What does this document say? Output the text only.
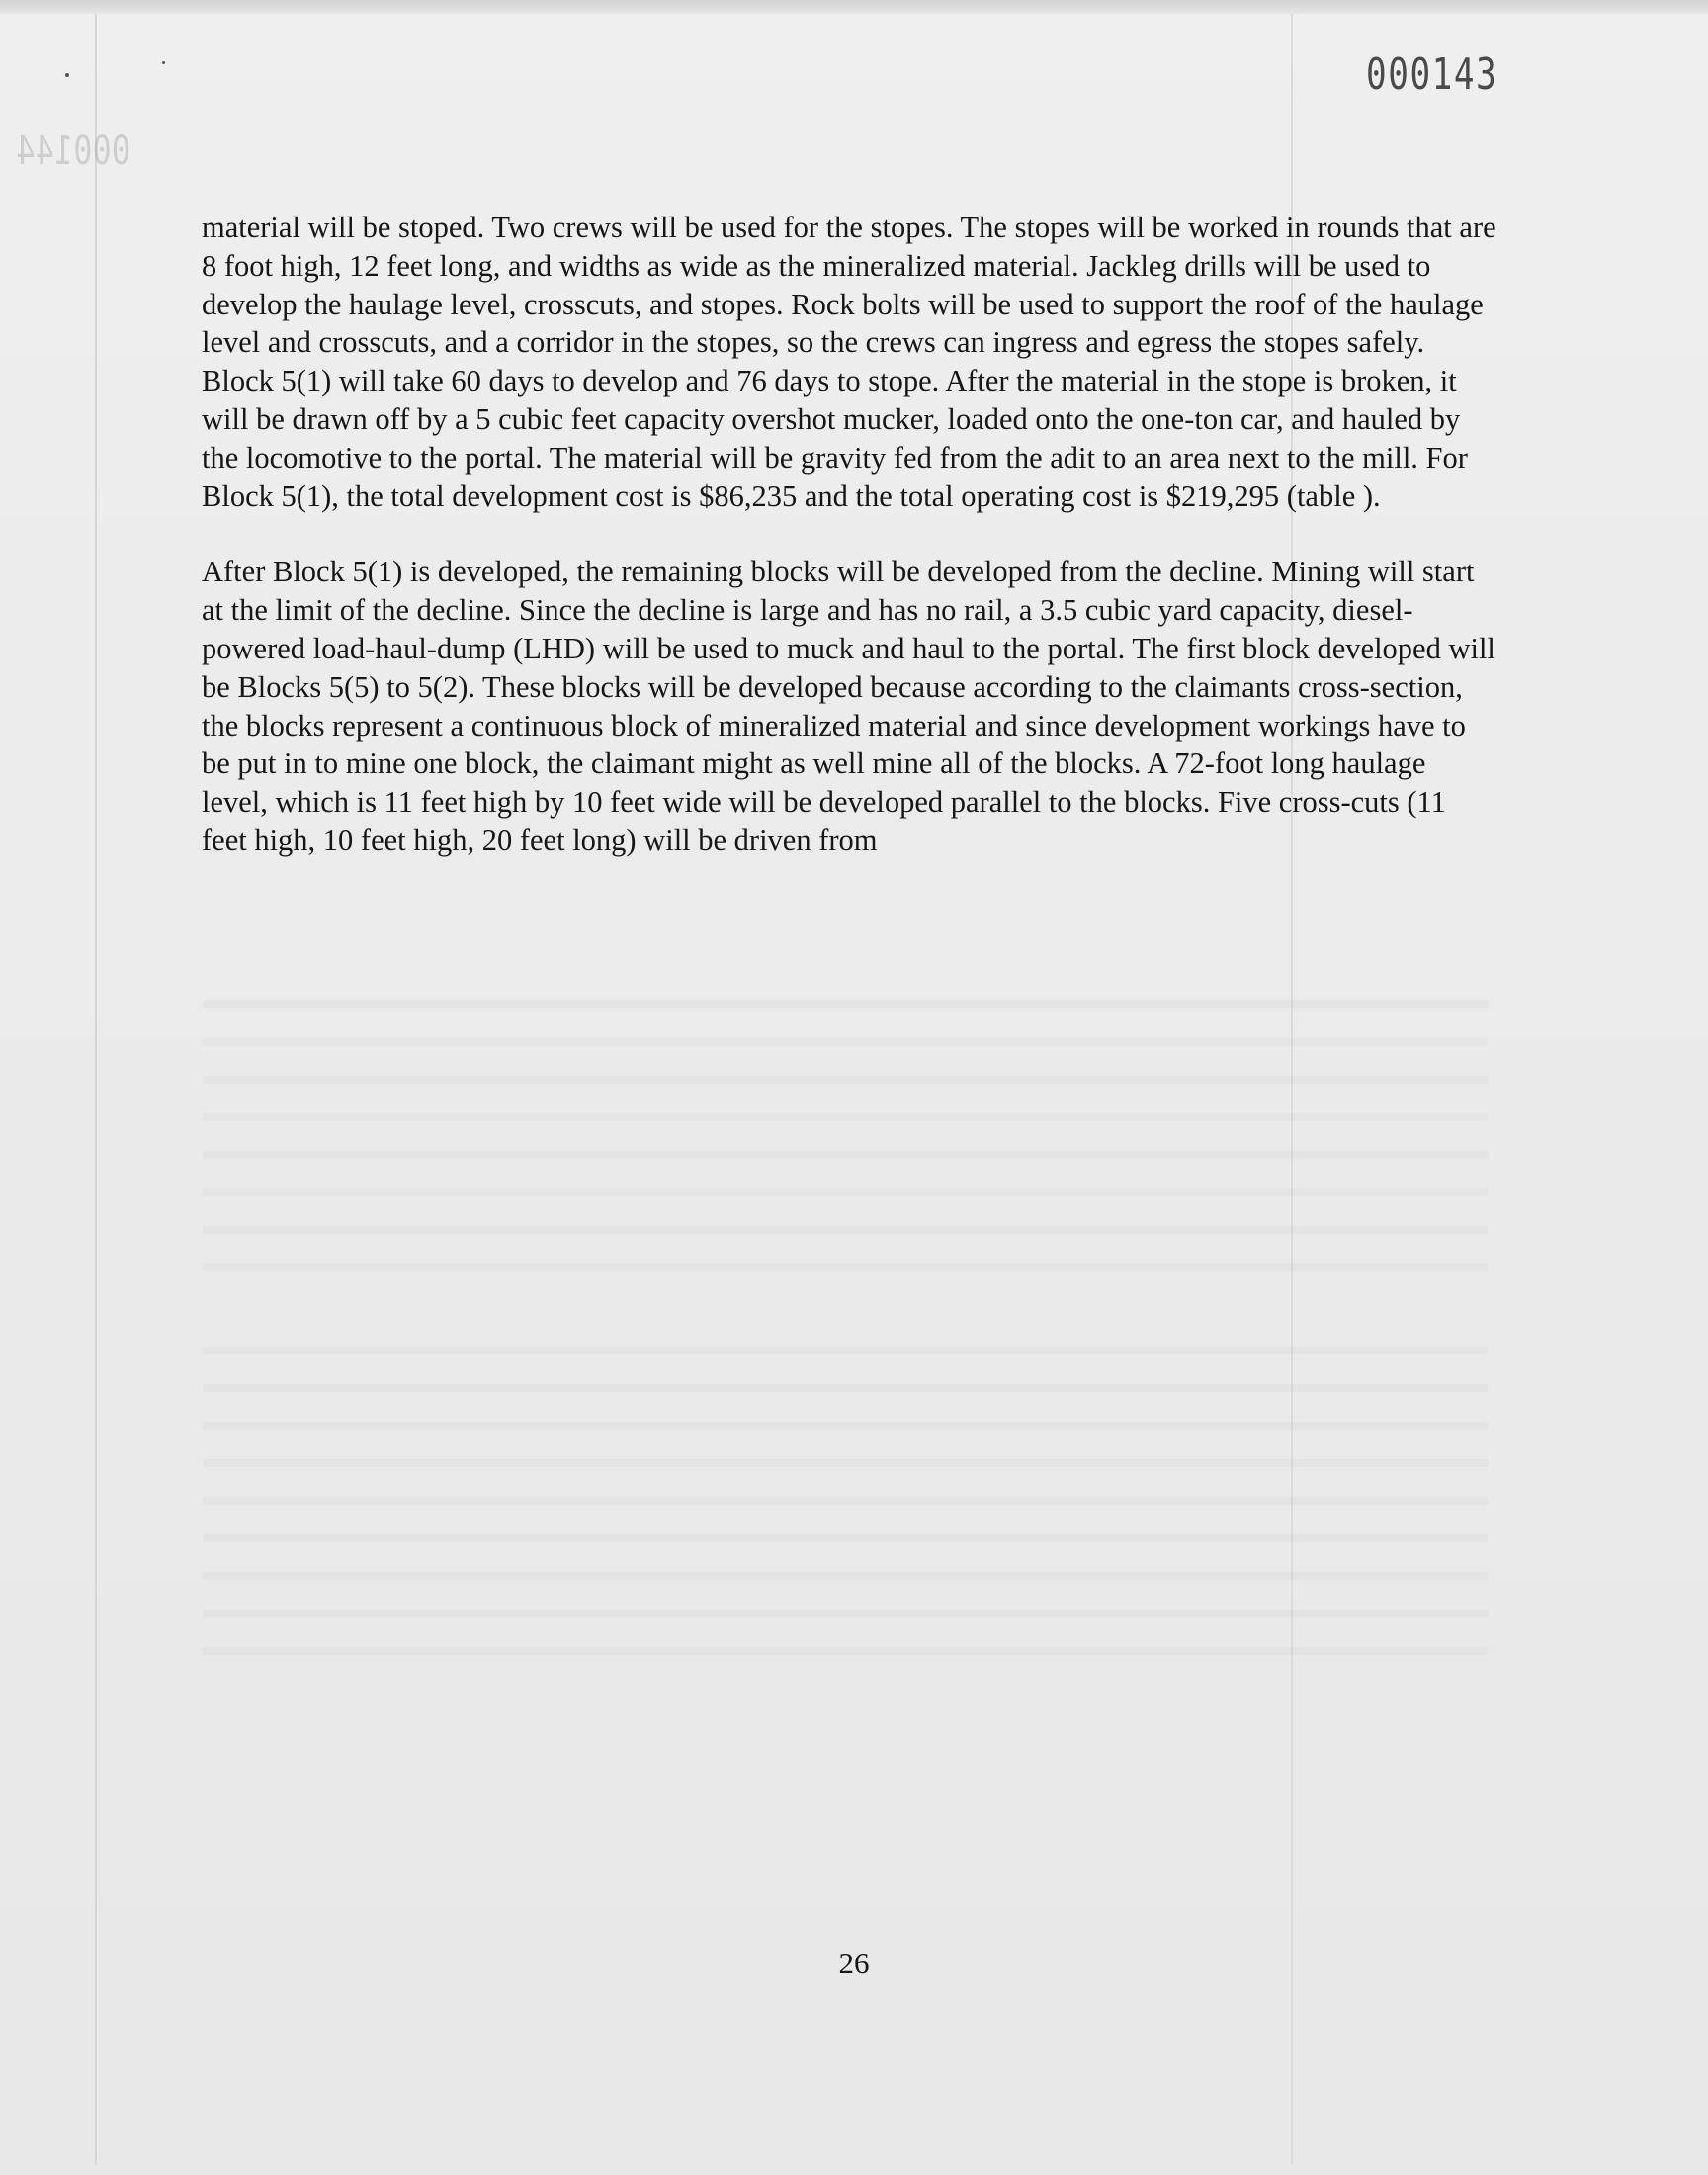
000144
000143

material will be stoped. Two crews will be used for the stopes. The stopes will be worked in rounds that are 8 foot high, 12 feet long, and widths as wide as the mineralized material. Jackleg drills will be used to develop the haulage level, crosscuts, and stopes. Rock bolts will be used to support the roof of the haulage level and crosscuts, and a corridor in the stopes, so the crews can ingress and egress the stopes safely. Block 5(1) will take 60 days to develop and 76 days to stope. After the material in the stope is broken, it will be drawn off by a 5 cubic feet capacity overshot mucker, loaded onto the one-ton car, and hauled by the locomotive to the portal. The material will be gravity fed from the adit to an area next to the mill. For Block 5(1), the total development cost is $86,235 and the total operating cost is $219,295 (table ).

After Block 5(1) is developed, the remaining blocks will be developed from the decline. Mining will start at the limit of the decline. Since the decline is large and has no rail, a 3.5 cubic yard capacity, diesel-powered load-haul-dump (LHD) will be used to muck and haul to the portal. The first block developed will be Blocks 5(5) to 5(2). These blocks will be developed because according to the claimants cross-section, the blocks represent a continuous block of mineralized material and since development workings have to be put in to mine one block, the claimant might as well mine all of the blocks. A 72-foot long haulage level, which is 11 feet high by 10 feet wide will be developed parallel to the blocks. Five cross-cuts (11 feet high, 10 feet high, 20 feet long) will be driven from

26
